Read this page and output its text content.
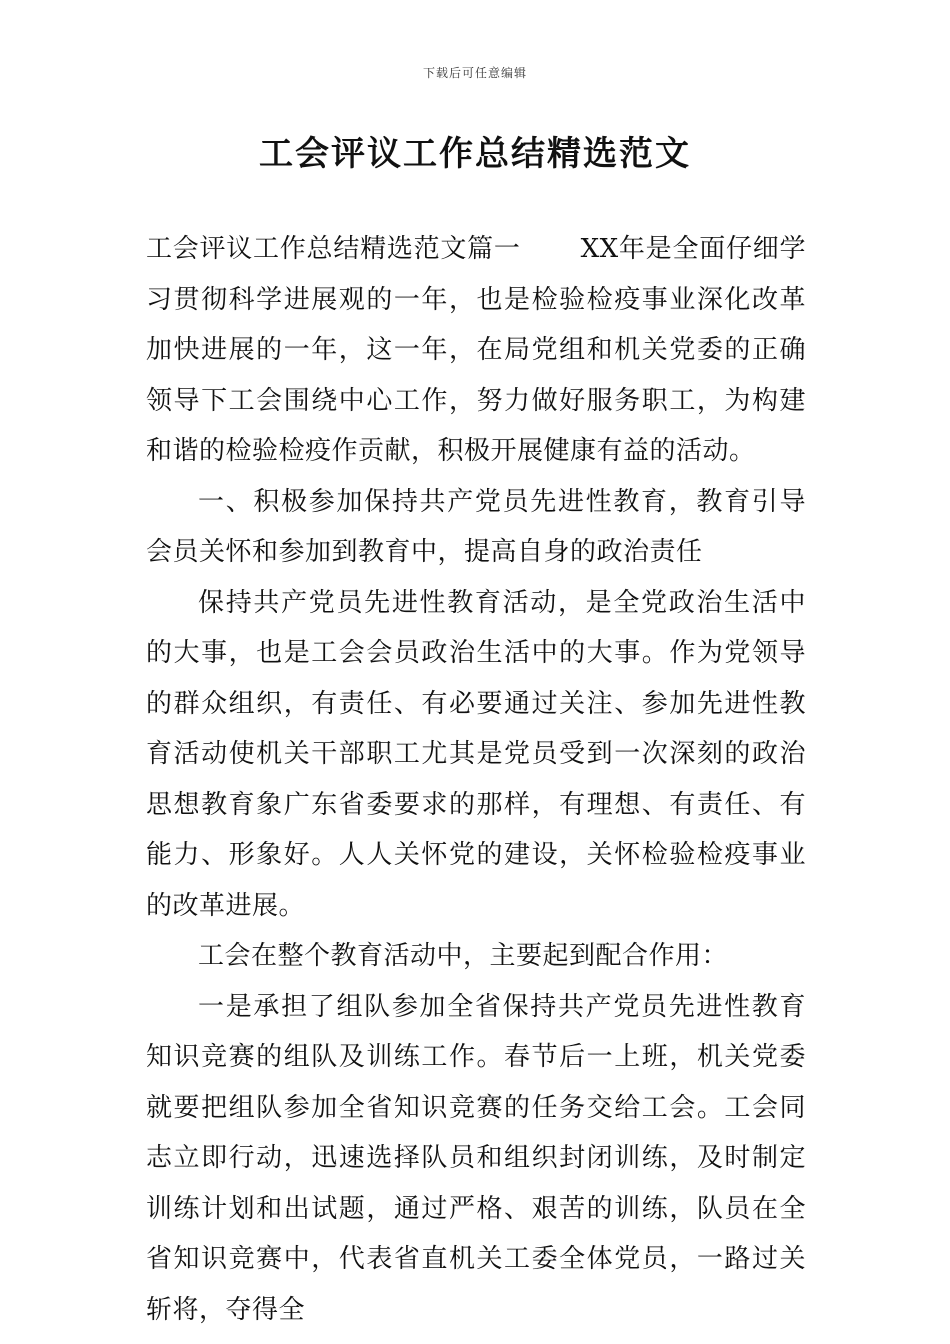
下载后可任意编辑
工会评议工作总结精选范文

工会评议工作总结精选范文篇一 XX年是全面仔细学习贯彻科学进展观的一年，也是检验检疫事业深化改革加快进展的一年，这一年，在局党组和机关党委的正确领导下工会围绕中心工作，努力做好服务职工，为构建和谐的检验检疫作贡献，积极开展健康有益的活动。

一、积极参加保持共产党员先进性教育，教育引导会员关怀和参加到教育中，提高自身的政治责任

保持共产党员先进性教育活动，是全党政治生活中的大事，也是工会会员政治生活中的大事。作为党领导的群众组织，有责任、有必要通过关注、参加先进性教育活动使机关干部职工尤其是党员受到一次深刻的政治思想教育象广东省委要求的那样，有理想、有责任、有能力、形象好。人人关怀党的建设，关怀检验检疫事业的改革进展。

工会在整个教育活动中，主要起到配合作用：

一是承担了组队参加全省保持共产党员先进性教育知识竞赛的组队及训练工作。春节后一上班，机关党委就要把组队参加全省知识竞赛的任务交给工会。工会同志立即行动，迅速选择队员和组织封闭训练，及时制定训练计划和出试题，通过严格、艰苦的训练，队员在全省知识竞赛中，代表省直机关工委全体党员，一路过关斩将，夺得全
